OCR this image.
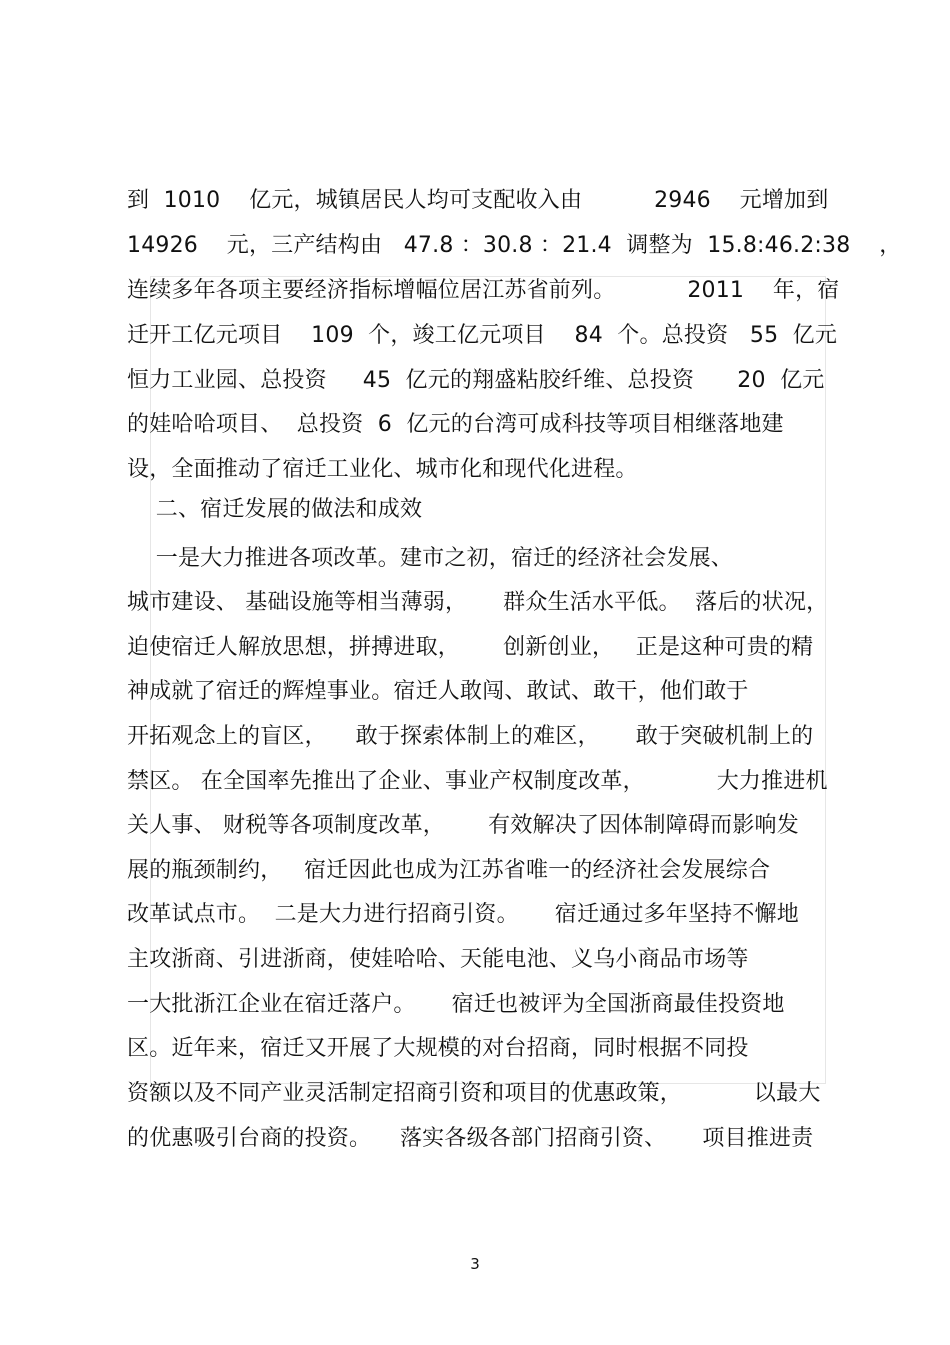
到  1010    亿元，城镇居民人均可支配收入由          2946    元增加到
14926    元，三产结构由   47.8 ：30.8 ：21.4  调整为  15.8:46.2:38    ，
连续多年各项主要经济指标增幅位居江苏省前列。          2011    年，宿
迁开工亿元项目    109  个，竣工亿元项目    84  个。总投资   55  亿元
恒力工业园、总投资     45  亿元的翔盛粘胶纤维、总投资      20  亿元
的娃哈哈项目、  总投资  6  亿元的台湾可成科技等项目相继落地建
设，全面推动了宿迁工业化、城市化和现代化进程。
二、宿迁发展的做法和成效
一是大力推进各项改革。建市之初，宿迁的经济社会发展、
城市建设、 基础设施等相当薄弱，     群众生活水平低。  落后的状况，
迫使宿迁人解放思想，拼搏进取，      创新创业，   正是这种可贵的精
神成就了宿迁的辉煌事业。宿迁人敢闯、敢试、敢干，他们敢于
开拓观念上的盲区，    敢于探索体制上的难区，     敢于突破机制上的
禁区。 在全国率先推出了企业、事业产权制度改革，          大力推进机
关人事、 财税等各项制度改革，      有效解决了因体制障碍而影响发
展的瓶颈制约，   宿迁因此也成为江苏省唯一的经济社会发展综合
改革试点市。  二是大力进行招商引资。     宿迁通过多年坚持不懈地
主攻浙商、引进浙商，使娃哈哈、天能电池、义乌小商品市场等
一大批浙江企业在宿迁落户。     宿迁也被评为全国浙商最佳投资地
区。近年来，宿迁又开展了大规模的对台招商，同时根据不同投
资额以及不同产业灵活制定招商引资和项目的优惠政策，          以最大
的优惠吸引台商的投资。    落实各级各部门招商引资、     项目推进责
3
